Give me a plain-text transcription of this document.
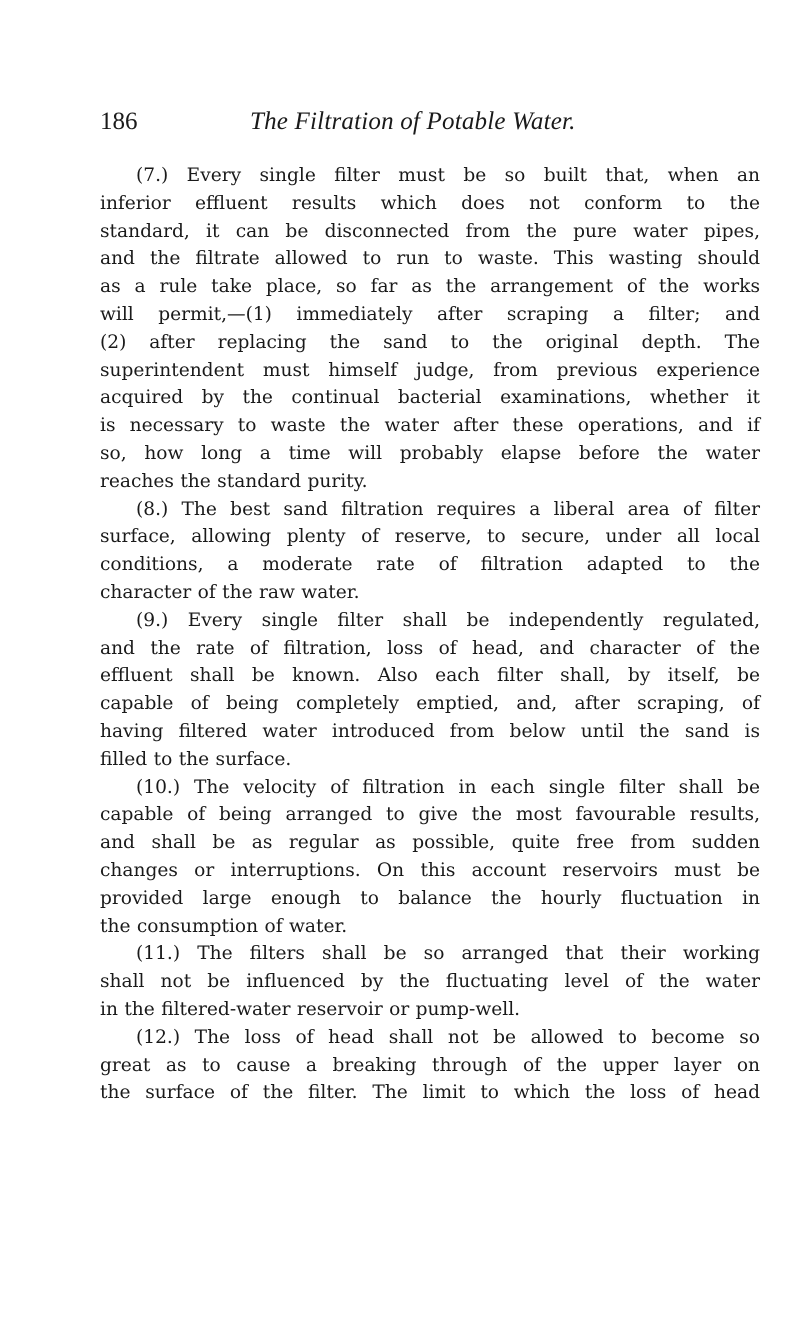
186	The Filtration of Potable Water.

(7.) Every single filter must be so built that, when an
inferior effluent results which does not conform to the
standard, it can be disconnected from the pure water pipes,
and the filtrate allowed to run to waste. This wasting should
as a rule take place, so far as the arrangement of the works
will permit,—(1) immediately after scraping a filter; and
(2) after replacing the sand to the original depth. The
superintendent must himself judge, from previous experience
acquired by the continual bacterial examinations, whether it
is necessary to waste the water after these operations, and if
so, how long a time will probably elapse before the water
reaches the standard purity.

(8.) The best sand filtration requires a liberal area of filter
surface, allowing plenty of reserve, to secure, under all local
conditions, a moderate rate of filtration adapted to the
character of the raw water.

(9.) Every single filter shall be independently regulated,
and the rate of filtration, loss of head, and character of the
effluent shall be known. Also each filter shall, by itself, be
capable of being completely emptied, and, after scraping, of
having filtered water introduced from below until the sand is
filled to the surface.

(10.) The velocity of filtration in each single filter shall be
capable of being arranged to give the most favourable results,
and shall be as regular as possible, quite free from sudden
changes or interruptions. On this account reservoirs must be
provided large enough to balance the hourly fluctuation in
the consumption of water.

(11.) The filters shall be so arranged that their working
shall not be influenced by the fluctuating level of the water
in the filtered-water reservoir or pump-well.

(12.) The loss of head shall not be allowed to become so
great as to cause a breaking through of the upper layer on
the surface of the filter. The limit to which the loss of head
